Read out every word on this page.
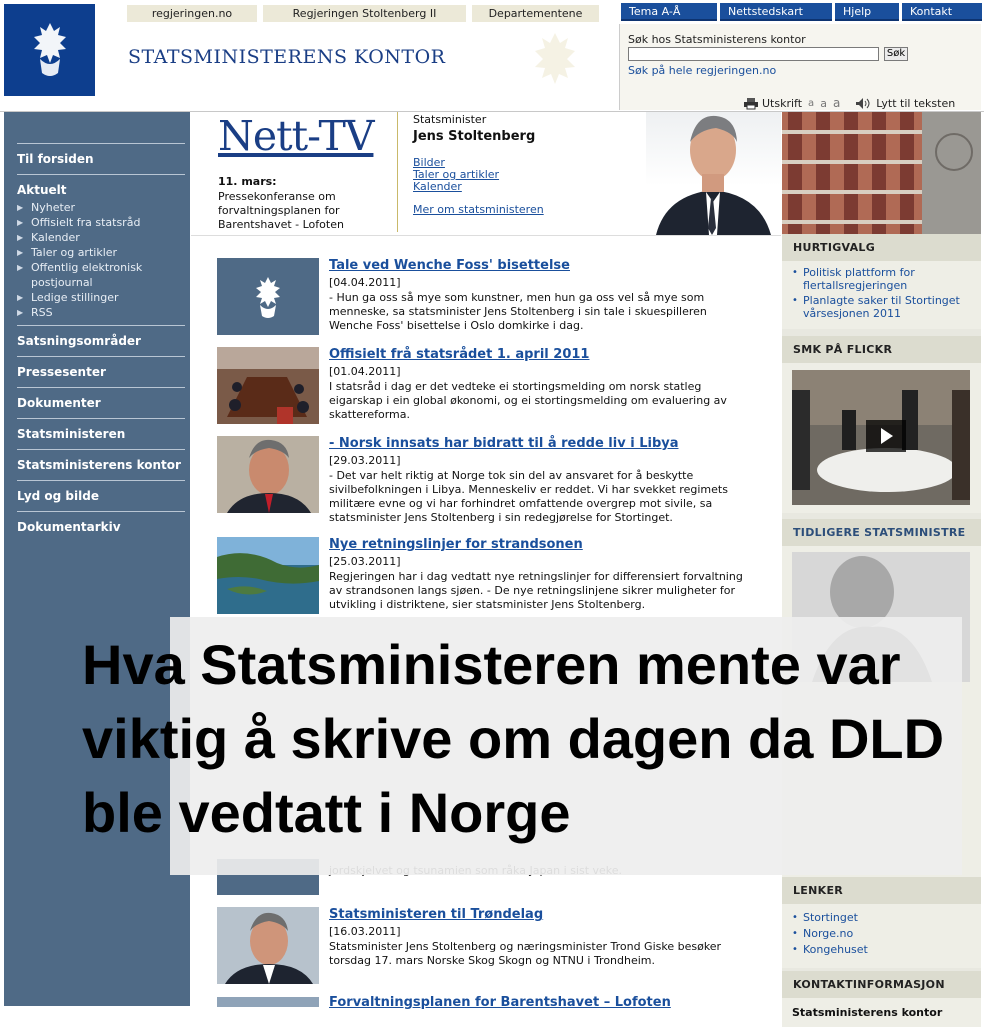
STATSMINISTERENS KONTOR
regjeringen.no	Regjeringen Stoltenberg II	Departementene	Tema A-Å	Nettstedskart	Hjelp	Kontakt
Søk hos Statsministerens kontor
Søk
Søk på hele regjeringen.no
Utskrift a a a	Lytt til teksten
Til forsiden
Aktuelt
▶ Nyheter
▶ Offisielt fra statsråd
▶ Kalender
▶ Taler og artikler
▶ Offentlig elektronisk postjournal
▶ Ledige stillinger
▶ RSS
Satsningsområder
Pressesenter
Dokumenter
Statsministeren
Statsministerens kontor
Lyd og bilde
Dokumentarkiv
Nett-TV
11. mars:
Pressekonferanse om forvaltningsplanen for Barentshavet - Lofoten
Statsminister
Jens Stoltenberg
Bilder
Taler og artikler
Kalender
Mer om statsministeren
HURTIGVALG
• Politisk plattform for flertallsregjeringen
• Planlagte saker til Stortinget vårsesjonen 2011
SMK PÅ FLICKR
TIDLIGERE STATSMINISTRE
LENKER
• Stortinget
• Norge.no
• Kongehuset
KONTAKTINFORMASJON
Statsministerens kontor
Tale ved Wenche Foss' bisettelse
[04.04.2011]
- Hun ga oss så mye som kunstner, men hun ga oss vel så mye som menneske, sa statsminister Jens Stoltenberg i sin tale i skuespilleren Wenche Foss' bisettelse i Oslo domkirke i dag.
Offisielt frå statsrådet 1. april 2011
[01.04.2011]
I statsråd i dag er det vedteke ei stortingsmelding om norsk statleg eigarskap i ein global økonomi, og ei stortingsmelding om evaluering av skattereforma.
- Norsk innsats har bidratt til å redde liv i Libya
[29.03.2011]
- Det var helt riktig at Norge tok sin del av ansvaret for å beskytte sivilbefolkningen i Libya. Menneskeliv er reddet. Vi har svekket regimets militære evne og vi har forhindret omfattende overgrep mot sivile, sa statsminister Jens Stoltenberg i sin redegjørelse for Stortinget.
Nye retningslinjer for strandsonen
[25.03.2011]
Regjeringen har i dag vedtatt nye retningslinjer for differensiert forvaltning av strandsonen langs sjøen. - De nye retningslinjene sikrer muligheter for utvikling i distriktene, sier statsminister Jens Stoltenberg.
Statsministeren til Trøndelag
[16.03.2011]
Statsminister Jens Stoltenberg og næringsminister Trond Giske besøker torsdag 17. mars Norske Skog Skogn og NTNU i Trondheim.
Forvaltningsplanen for Barentshavet – Lofoten
Hva Statsministeren mente var viktig å skrive om dagen da DLD ble vedtatt i Norge
